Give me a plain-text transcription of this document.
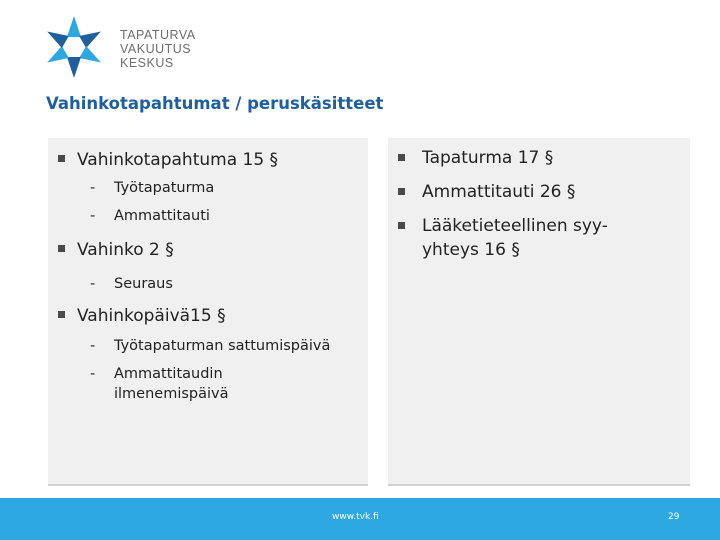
TAPATURVA
VAKUUTUS
KESKUS
Vahinkotapahtumat / peruskäsitteet
Vahinkotapahtuma 15 §
- Työtapaturma
- Ammattitauti
Vahinko 2 §
- Seuraus
Vahinkopäivä15 §
- Työtapaturman sattumispäivä
- Ammattitaudin ilmenemispäivä
Tapaturma 17 §
Ammattitauti 26 §
Lääketieteellinen syy-yhteys 16 §
www.tvk.fi	29
